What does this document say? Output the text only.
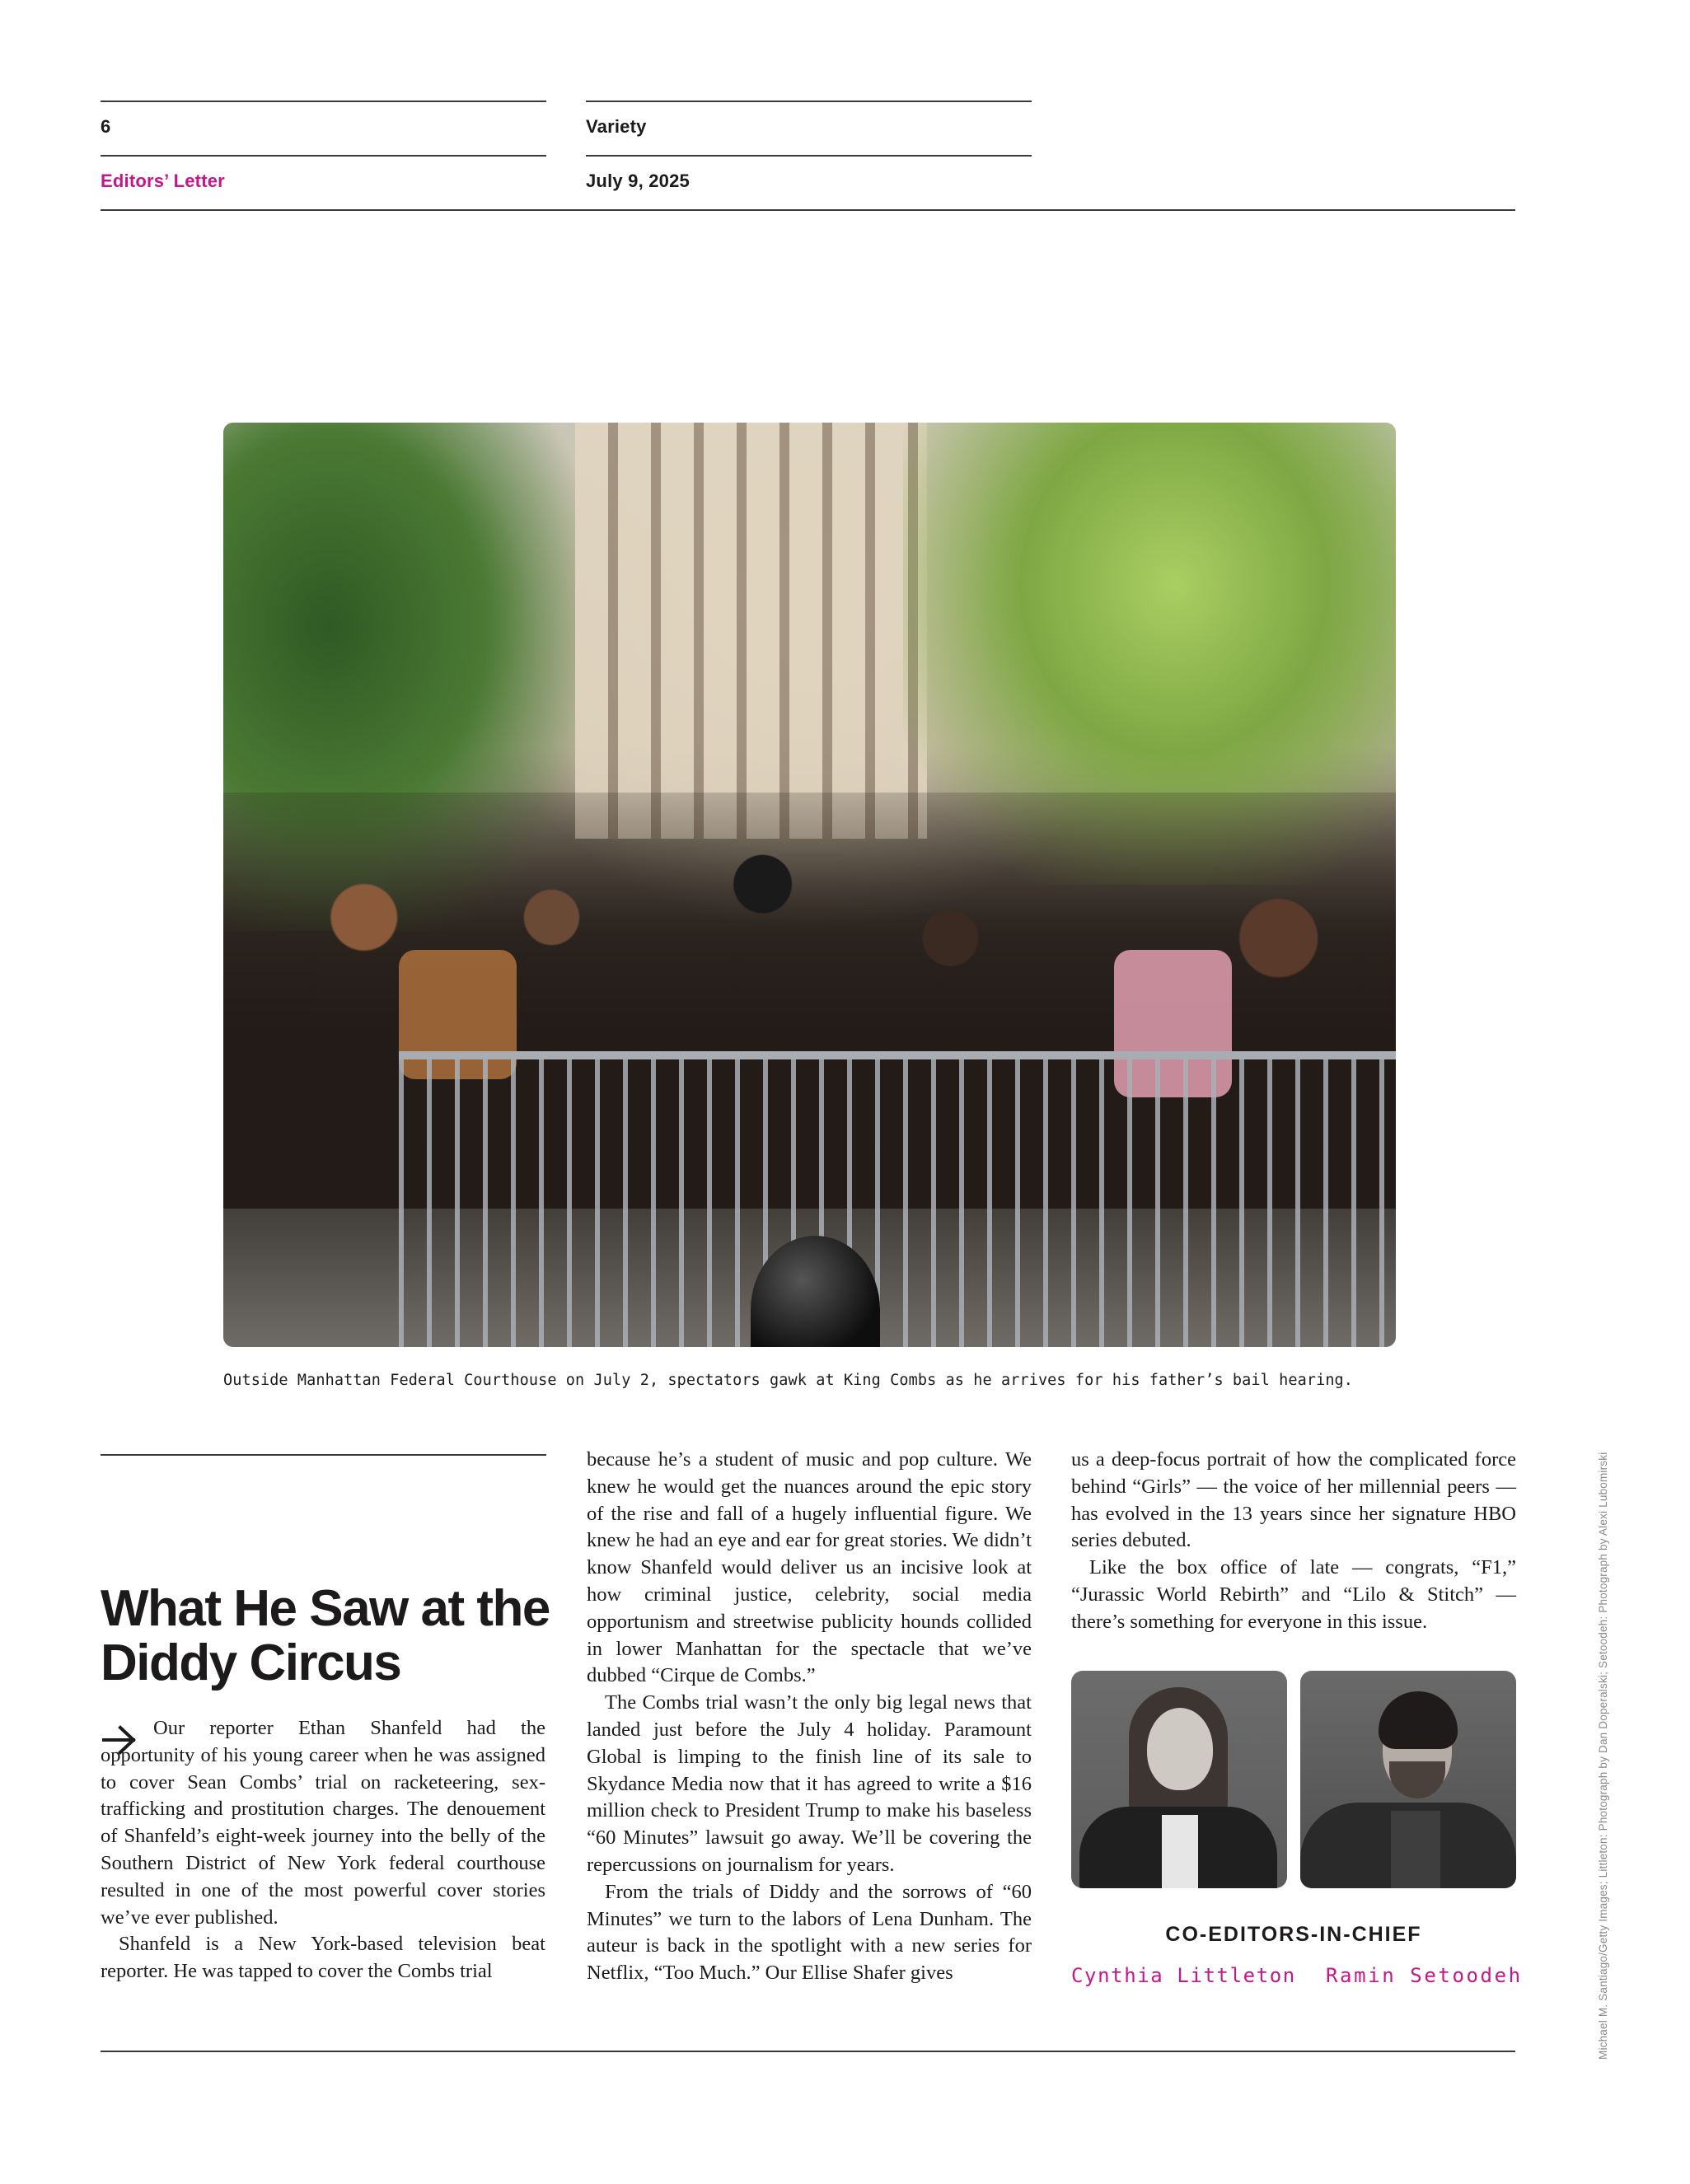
6	Variety
Editors’ Letter	July 9, 2025
Outside Manhattan Federal Courthouse on July 2, spectators gawk at King Combs as he arrives for his father’s bail hearing.
What He Saw at the Diddy Circus

Our reporter Ethan Shanfeld had the opportunity of his young career when he was assigned to cover Sean Combs’ trial on racketeering, sex-trafficking and prostitution charges. The denouement of Shanfeld’s eight-week journey into the belly of the Southern District of New York federal courthouse resulted in one of the most powerful cover stories we’ve ever published.

Shanfeld is a New York-based television beat reporter. He was tapped to cover the Combs trial

because he’s a student of music and pop culture. We knew he would get the nuances around the epic story of the rise and fall of a hugely influential figure. We knew he had an eye and ear for great stories. We didn’t know Shanfeld would deliver us an incisive look at how criminal justice, celebrity, social media opportunism and streetwise publicity hounds collided in lower Manhattan for the spectacle that we’ve dubbed “Cirque de Combs.”

The Combs trial wasn’t the only big legal news that landed just before the July 4 holiday. Paramount Global is limping to the finish line of its sale to Skydance Media now that it has agreed to write a $16 million check to President Trump to make his baseless “60 Minutes” lawsuit go away. We’ll be covering the repercussions on journalism for years.

From the trials of Diddy and the sorrows of “60 Minutes” we turn to the labors of Lena Dunham. The auteur is back in the spotlight with a new series for Netflix, “Too Much.” Our Ellise Shafer gives

us a deep-focus portrait of how the complicated force behind “Girls” — the voice of her millennial peers — has evolved in the 13 years since her signature HBO series debuted.

Like the box office of late — congrats, “F1,” “Jurassic World Rebirth” and “Lilo & Stitch” — there’s something for everyone in this issue.

CO-EDITORS-IN-CHIEF
Cynthia Littleton Ramin Setoodeh	Michael M. Santiago/Getty Images; Littleton: Photograph by Dan Doperalski; Setoodeh: Photograph by Alexi Lubomirski
